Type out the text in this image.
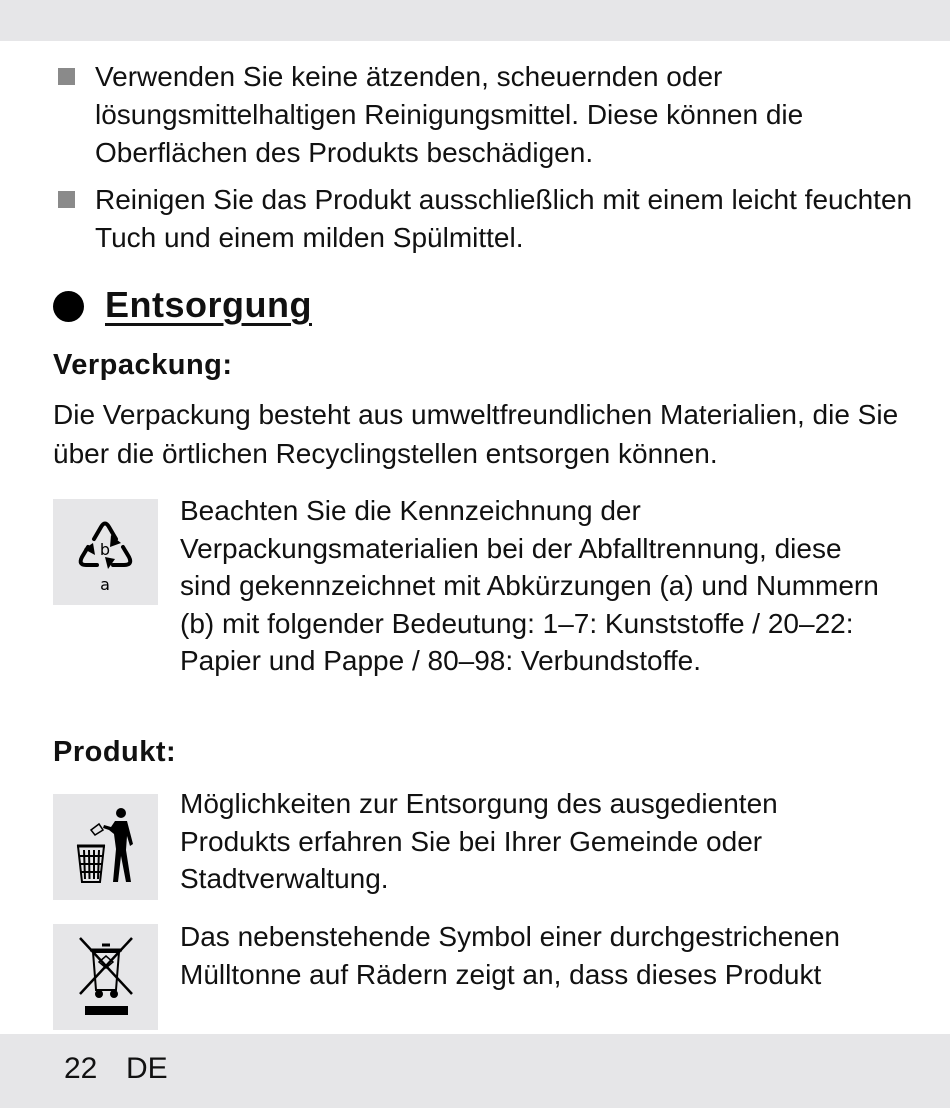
Verwenden Sie keine ätzenden, scheuernden oder lösungsmittelhaltigen Reinigungsmittel. Diese können die Oberflächen des Produkts beschädigen.
Reinigen Sie das Produkt ausschließlich mit einem leicht feuchten Tuch und einem milden Spülmittel.
Entsorgung
Verpackung:
Die Verpackung besteht aus umweltfreundlichen Materialien, die Sie über die örtlichen Recyclingstellen entsorgen können.
b
a
Beachten Sie die Kennzeichnung der Verpackungsmaterialien bei der Abfalltrennung, diese sind gekennzeichnet mit Abkürzungen (a) und Nummern (b) mit folgender Bedeutung: 1–7: Kunststoffe / 20–22: Papier und Pappe / 80–98: Verbundstoffe.
Produkt:
Möglichkeiten zur Entsorgung des ausgedienten Produkts erfahren Sie bei Ihrer Gemeinde oder Stadtverwaltung.
Das nebenstehende Symbol einer durchgestrichenen Mülltonne auf Rädern zeigt an, dass dieses Produkt
22 DE
